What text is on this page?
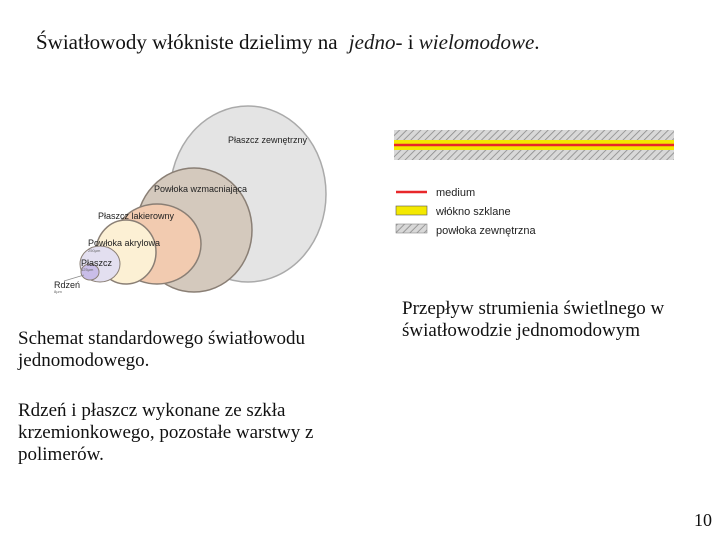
Światłowody włókniste dzielimy na jedno- i wielomodowe.
Płaszcz zewnętrzny
Powłoka wzmacniająca
Płaszcz lakierowny
Powłoka akrylowa
250µm
Płaszcz
125µm
Rdzeń
8µm
medium
włókno szklane
powłoka zewnętrzna
Schemat standardowego światłowodu jednomodowego.
Przepływ strumienia świetlnego w światłowodzie jednomodowym
Rdzeń i płaszcz wykonane ze szkła krzemionkowego, pozostałe warstwy z polimerów.
10
